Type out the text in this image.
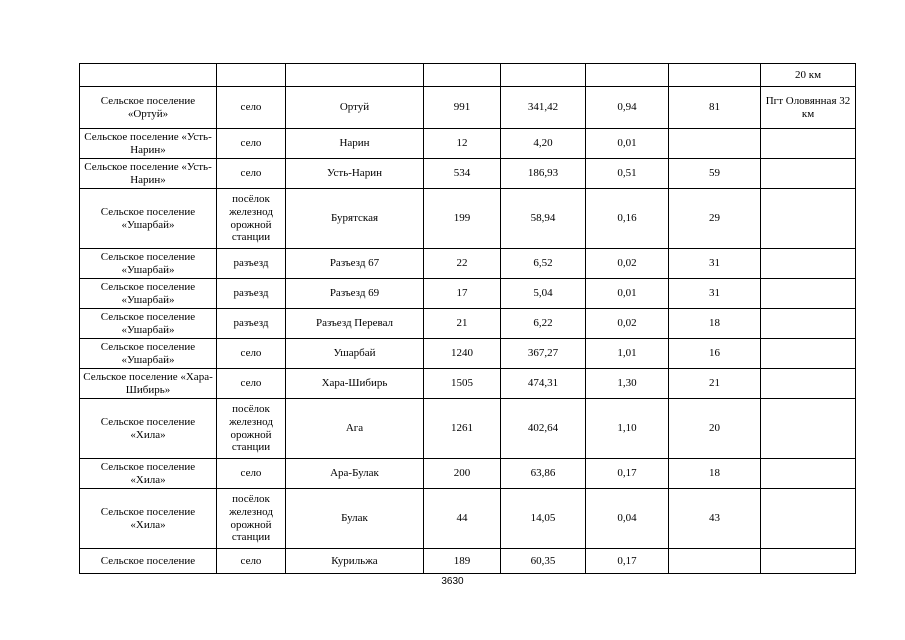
							20 км
Сельское поселение «Ортуй»	село	Ортуй	991	341,42	0,94	81	Пгт Оловянная 32 км
Сельское поселение «Усть-Нарин»	село	Нарин	12	4,20	0,01		
Сельское поселение «Усть-Нарин»	село	Усть-Нарин	534	186,93	0,51	59	
Сельское поселение «Ушарбай»	посёлок железнод орожной станции	Бурятская	199	58,94	0,16	29	
Сельское поселение «Ушарбай»	разъезд	Разъезд 67	22	6,52	0,02	31	
Сельское поселение «Ушарбай»	разъезд	Разъезд 69	17	5,04	0,01	31	
Сельское поселение «Ушарбай»	разъезд	Разъезд Перевал	21	6,22	0,02	18	
Сельское поселение «Ушарбай»	село	Ушарбай	1240	367,27	1,01	16	
Сельское поселение «Хара-Шибирь»	село	Хара-Шибирь	1505	474,31	1,30	21	
Сельское поселение «Хила»	посёлок железнод орожной станции	Ага	1261	402,64	1,10	20	
Сельское поселение «Хила»	село	Ара-Булак	200	63,86	0,17	18	
Сельское поселение «Хила»	посёлок железнод орожной станции	Булак	44	14,05	0,04	43	
Сельское поселение	село	Курильжа	189	60,35	0,17		
3630
